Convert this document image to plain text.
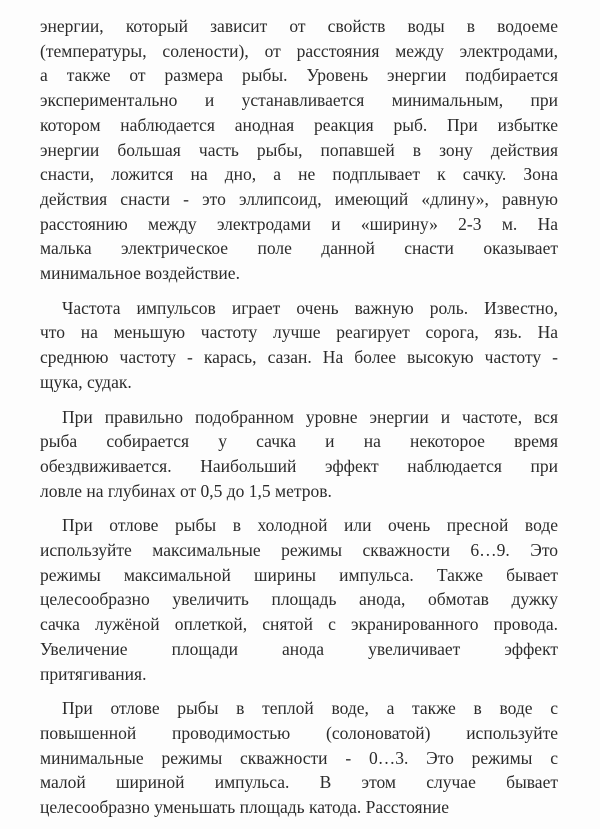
энергии, который зависит от свойств воды в водоеме
(температуры, солености), от расстояния между электродами,
а также от размера рыбы. Уровень энергии подбирается
экспериментально и устанавливается минимальным, при
котором наблюдается анодная реакция рыб. При избытке
энергии большая часть рыбы, попавшей в зону действия
снасти, ложится на дно, а не подплывает к сачку. Зона
действия снасти - это эллипсоид, имеющий «длину», равную
расстоянию между электродами и «ширину» 2-3 м. На
малька электрическое поле данной снасти оказывает
минимальное воздействие.
Частота импульсов играет очень важную роль. Известно,
что на меньшую частоту лучше реагирует сорога, язь. На
среднюю частоту - карась, сазан. На более высокую частоту -
щука, судак.
При правильно подобранном уровне энергии и частоте, вся
рыба собирается у сачка и на некоторое время
обездвиживается. Наибольший эффект наблюдается при
ловле на глубинах от 0,5 до 1,5 метров.
При отлове рыбы в холодной или очень пресной воде
используйте максимальные режимы скважности 6…9. Это
режимы максимальной ширины импульса. Также бывает
целесообразно увеличить площадь анода, обмотав дужку
сачка лужёной оплеткой, снятой с экранированного провода.
Увеличение площади анода увеличивает эффект
притягивания.
При отлове рыбы в теплой воде, а также в воде с
повышенной проводимостью (солоноватой) используйте
минимальные режимы скважности - 0…3. Это режимы с
малой шириной импульса. В этом случае бывает
целесообразно уменьшать площадь катода. Расстояние
